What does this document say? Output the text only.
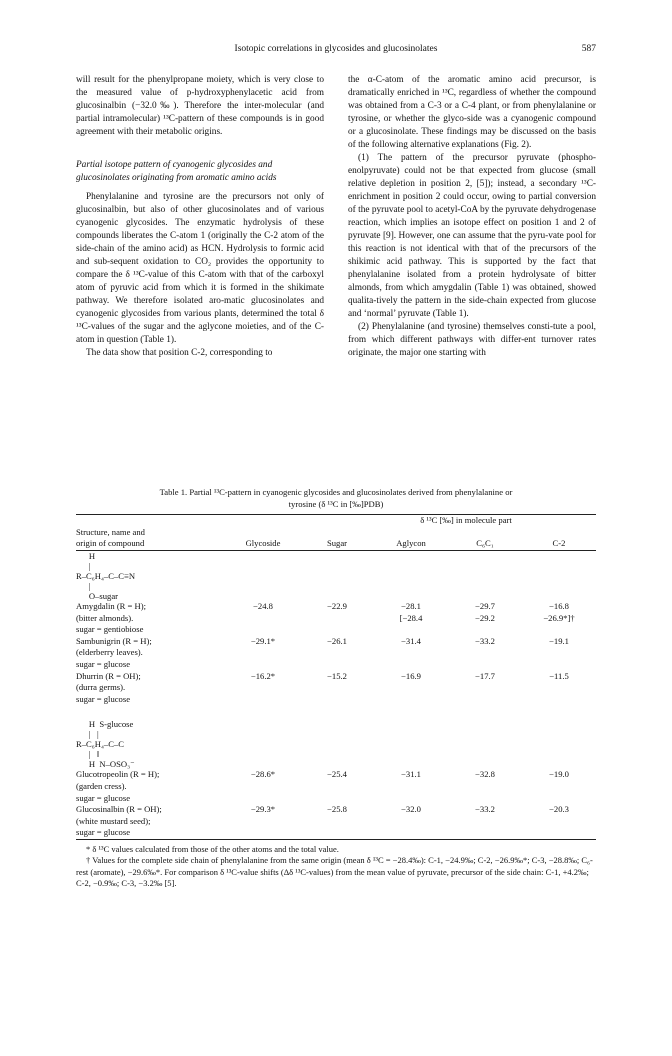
Isotopic correlations in glycosides and glucosinolates	587

will result for the phenylpropane moiety, which is very close to the measured value of p-hydroxyphenylacetic acid from glucosinalbin (−32.0‰). Therefore the inter-molecular (and partial intramolecular) ¹³C-pattern of these compounds is in good agreement with their metabolic origins.

Partial isotope pattern of cyanogenic glycosides and glucosinolates originating from aromatic amino acids

Phenylalanine and tyrosine are the precursors not only of glucosinalbin, but also of other glucosinolates and of various cyanogenic glycosides. The enzymatic hydrolysis of these compounds liberates the C-atom 1 (originally the C-2 atom of the side-chain of the amino acid) as HCN. Hydrolysis to formic acid and sub-sequent oxidation to CO₂ provides the opportunity to compare the δ ¹³C-value of this C-atom with that of the carboxyl atom of pyruvic acid from which it is formed in the shikimate pathway. We therefore isolated aro-matic glucosinolates and cyanogenic glycosides from various plants, determined the total δ ¹³C-values of the sugar and the aglycone moieties, and of the C-atom in question (Table 1).

The data show that position C-2, corresponding to

the α-C-atom of the aromatic amino acid precursor, is dramatically enriched in ¹³C, regardless of whether the compound was obtained from a C-3 or a C-4 plant, or from phenylalanine or tyrosine, or whether the glyco-side was a cyanogenic compound or a glucosinolate. These findings may be discussed on the basis of the following alternative explanations (Fig. 2).

(1) The pattern of the precursor pyruvate (phospho-enolpyruvate) could not be that expected from glucose (small relative depletion in position 2, [5]); instead, a secondary ¹³C- enrichment in position 2 could occur, owing to partial conversion of the pyruvate pool to acetyl-CoA by the pyruvate dehydrogenase reaction, which implies an isotope effect on position 1 and 2 of pyruvate [9]. However, one can assume that the pyru-vate pool for this reaction is not identical with that of the precursors of the shikimic acid pathway. This is supported by the fact that phenylalanine isolated from a protein hydrolysate of bitter almonds, from which amygdalin (Table 1) was obtained, showed qualita-tively the pattern in the side-chain expected from glucose and ‘normal’ pyruvate (Table 1).

(2) Phenylalanine (and tyrosine) themselves consti-tute a pool, from which different pathways with differ-ent turnover rates originate, the major one starting with

Table 1. Partial ¹³C-pattern in cyanogenic glycosides and glucosinolates derived from phenylalanine or
tyrosine (δ ¹³C in [‰]PDB)
	δ ¹³C [‰] in molecule part				

Structure, name and
origin of compound	Glycoside	Sugar	Aglycon	C₆C₁	C-2
H
|
R–C₆H₄–C–C≡N
|
O–sugar					

Amygdalin (R = H);	−24.8	−22.9	−28.1	−29.7	−16.8
(bitter almonds).			[−28.4	−29.2	−26.9*]†
sugar = gentiobiose					
Sambunigrin (R = H);	−29.1*	−26.1	−31.4	−33.2	−19.1
(elderberry leaves).					
sugar = glucose					
Dhurrin (R = OH);	−16.2*	−15.2	−16.9	−17.7	−11.5
(durra germs).					
sugar = glucose					

H  S-glucose
|   |
R–C₆H₄–C–C
|   ‖
H  N–OSO₃⁻					

Glucotropeolin (R = H);	−28.6*	−25.4	−31.1	−32.8	−19.0
(garden cress).					
sugar = glucose					
Glucosinalbin (R = OH);	−29.3*	−25.8	−32.0	−33.2	−20.3
(white mustard seed);					
sugar = glucose					

* δ ¹³C values calculated from those of the other atoms and the total value.

† Values for the complete side chain of phenylalanine from the same origin (mean δ ¹³C = −28.4‰): C-1, −24.9‰; C-2, −26.9‰*; C-3, −28.8‰; C₆-rest (aromate), −29.6‰*. For comparison δ ¹³C-value shifts (Δδ ¹³C-values) from the mean value of pyruvate, precursor of the side chain: C-1, +4.2‰; C-2, −0.9‰; C-3, −3.2‰ [5].
